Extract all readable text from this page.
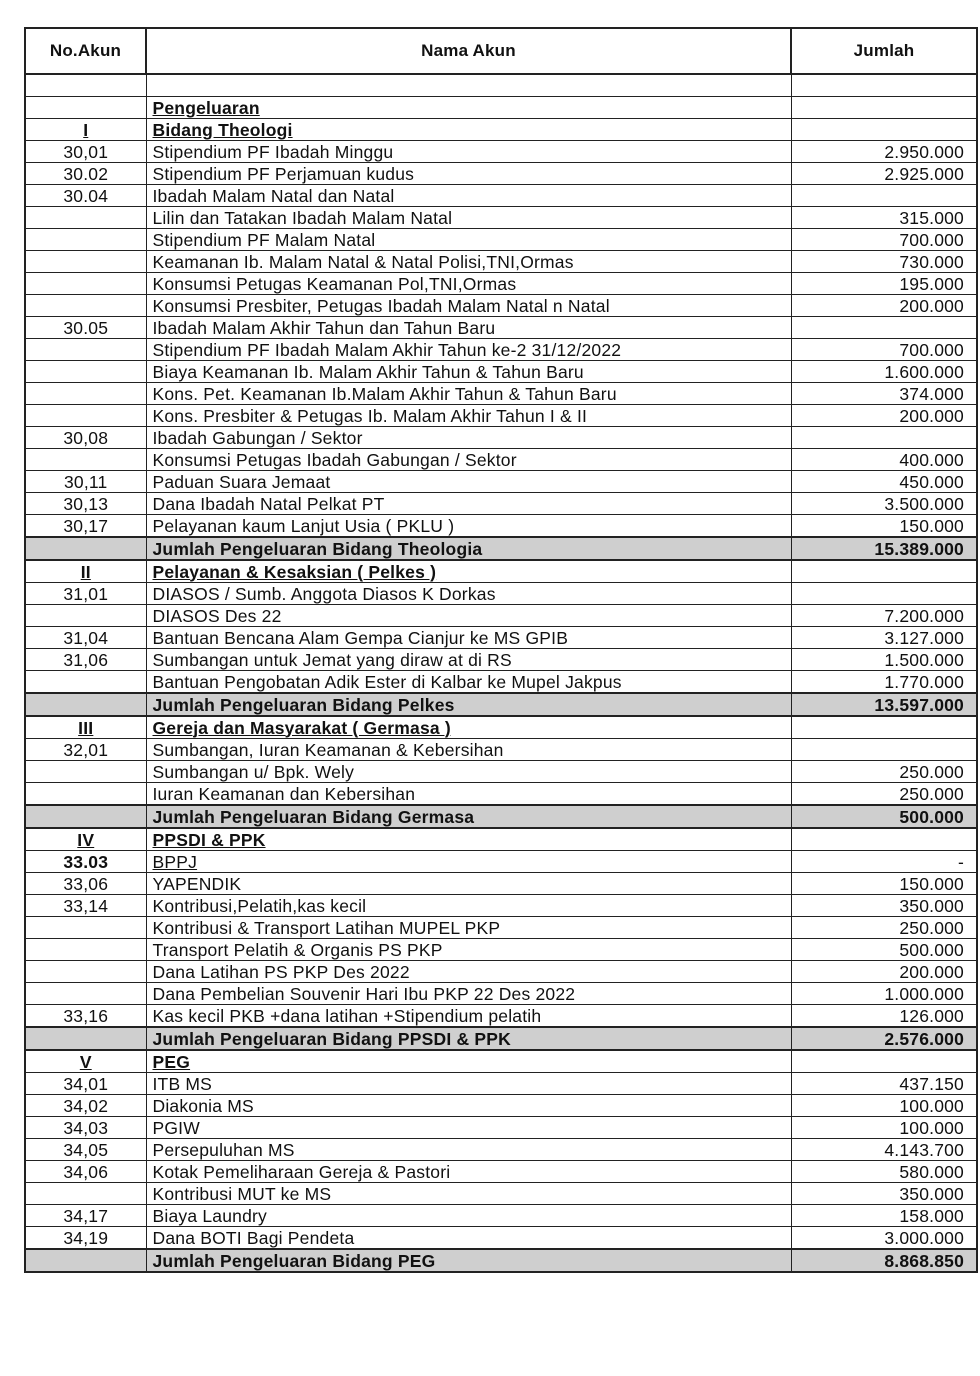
No.Akun	Nama Akun	Jumlah

	Pengeluaran	
I	Bidang Theologi	
30,01	Stipendium PF Ibadah Minggu	2.950.000
30.02	Stipendium PF Perjamuan kudus	2.925.000
30.04	Ibadah Malam Natal dan Natal	
	Lilin dan Tatakan Ibadah Malam Natal	315.000
	Stipendium PF Malam Natal	700.000
	Keamanan Ib. Malam Natal & Natal Polisi,TNI,Ormas	730.000
	Konsumsi Petugas Keamanan Pol,TNI,Ormas	195.000
	Konsumsi Presbiter, Petugas Ibadah Malam Natal n Natal	200.000
30.05	Ibadah Malam Akhir Tahun dan Tahun Baru	
	Stipendium PF Ibadah Malam Akhir Tahun ke-2 31/12/2022	700.000
	Biaya Keamanan Ib. Malam Akhir Tahun & Tahun Baru	1.600.000
	Kons. Pet. Keamanan Ib.Malam Akhir Tahun & Tahun Baru	374.000
	Kons. Presbiter & Petugas Ib. Malam Akhir Tahun I & II	200.000
30,08	Ibadah Gabungan / Sektor	
	Konsumsi Petugas Ibadah Gabungan / Sektor	400.000
30,11	Paduan Suara Jemaat	450.000
30,13	Dana Ibadah Natal Pelkat PT	3.500.000
30,17	Pelayanan kaum Lanjut Usia ( PKLU )	150.000
	Jumlah Pengeluaran Bidang Theologia	15.389.000
II	Pelayanan & Kesaksian ( Pelkes )	
31,01	DIASOS / Sumb. Anggota Diasos K Dorkas	
	DIASOS Des 22	7.200.000
31,04	Bantuan Bencana Alam Gempa Cianjur ke MS GPIB	3.127.000
31,06	Sumbangan untuk Jemat yang diraw at di RS	1.500.000
	Bantuan Pengobatan Adik Ester di Kalbar ke Mupel Jakpus	1.770.000
	Jumlah Pengeluaran Bidang Pelkes	13.597.000
III	Gereja dan Masyarakat ( Germasa )	
32,01	Sumbangan, Iuran Keamanan & Kebersihan	
	Sumbangan u/ Bpk. Wely	250.000
	Iuran Keamanan dan Kebersihan	250.000
	Jumlah Pengeluaran Bidang Germasa	500.000
IV	PPSDI & PPK	
33.03	BPPJ	-
33,06	YAPENDIK	150.000
33,14	Kontribusi,Pelatih,kas kecil	350.000
	Kontribusi & Transport Latihan MUPEL PKP	250.000
	Transport Pelatih & Organis PS PKP	500.000
	Dana Latihan PS PKP Des 2022	200.000
	Dana Pembelian Souvenir Hari Ibu PKP 22 Des 2022	1.000.000
33,16	Kas kecil PKB +dana latihan +Stipendium pelatih	126.000
	Jumlah Pengeluaran Bidang PPSDI & PPK	2.576.000
V	PEG	
34,01	ITB MS	437.150
34,02	Diakonia MS	100.000
34,03	PGIW	100.000
34,05	Persepuluhan MS	4.143.700
34,06	Kotak Pemeliharaan Gereja & Pastori	580.000
	Kontribusi MUT ke MS	350.000
34,17	Biaya Laundry	158.000
34,19	Dana BOTI Bagi Pendeta	3.000.000
	Jumlah Pengeluaran Bidang PEG	8.868.850
